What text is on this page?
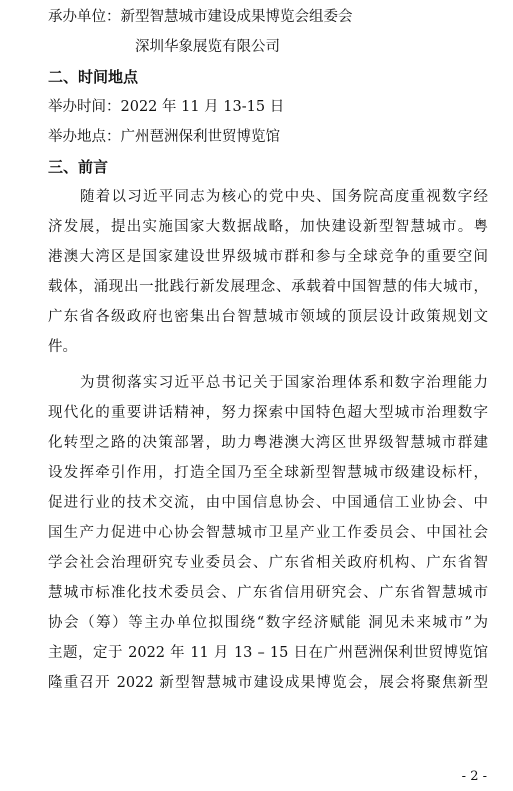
承办单位：新型智慧城市建设成果博览会组委会
深圳华象展览有限公司
二、时间地点
举办时间：2022 年 11 月 13-15 日
举办地点：广州琶洲保利世贸博览馆
三、前言
随着以习近平同志为核心的党中央、国务院高度重视数字经
济发展，提出实施国家大数据战略，加快建设新型智慧城市。粤
港澳大湾区是国家建设世界级城市群和参与全球竞争的重要空间
载体，涌现出一批践行新发展理念、承载着中国智慧的伟大城市，
广东省各级政府也密集出台智慧城市领域的顶层设计政策规划文
件。
为贯彻落实习近平总书记关于国家治理体系和数字治理能力
现代化的重要讲话精神，努力探索中国特色超大型城市治理数字
化转型之路的决策部署，助力粤港澳大湾区世界级智慧城市群建
设发挥牵引作用，打造全国乃至全球新型智慧城市级建设标杆，
促进行业的技术交流，由中国信息协会、中国通信工业协会、中
国生产力促进中心协会智慧城市卫星产业工作委员会、中国社会
学会社会治理研究专业委员会、广东省相关政府机构、广东省智
慧城市标准化技术委员会、广东省信用研究会、广东省智慧城市
协会（筹）等主办单位拟围绕“数字经济赋能 洞见未来城市”为
主题，定于 2022 年 11 月 13 – 15 日在广州琶洲保利世贸博览馆
隆重召开 2022 新型智慧城市建设成果博览会，展会将聚焦新型
- 2 -
